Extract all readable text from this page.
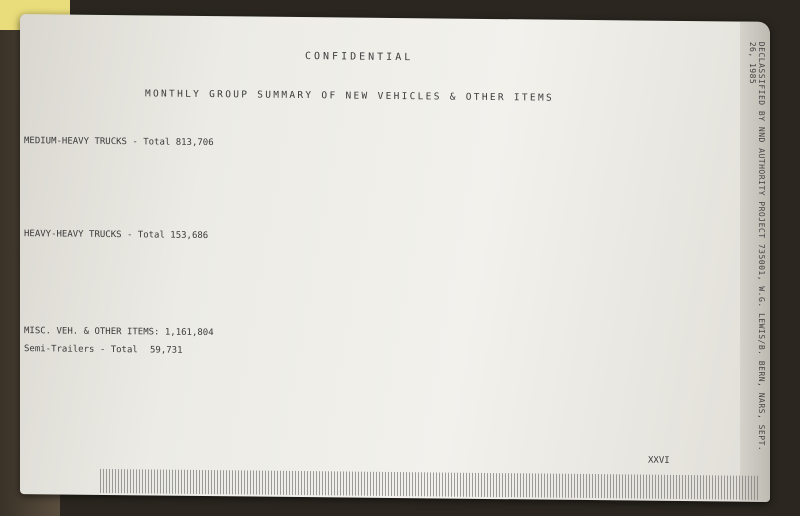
CONFIDENTIAL
MONTHLY GROUP SUMMARY OF NEW VEHICLES & OTHER ITEMS
MEDIUM-HEAVY TRUCKS - Total 813,706
HEAVY-HEAVY TRUCKS - Total 153,686
MISC. VEH. & OTHER ITEMS: 1,161,804
Semi-Trailers - Total 59,731
XXVI
DECLASSIFIED BY NND AUTHORITY PROJECT 735001, W.G. LEWIS/B. BERN, NARS, SEPT. 26, 1985
